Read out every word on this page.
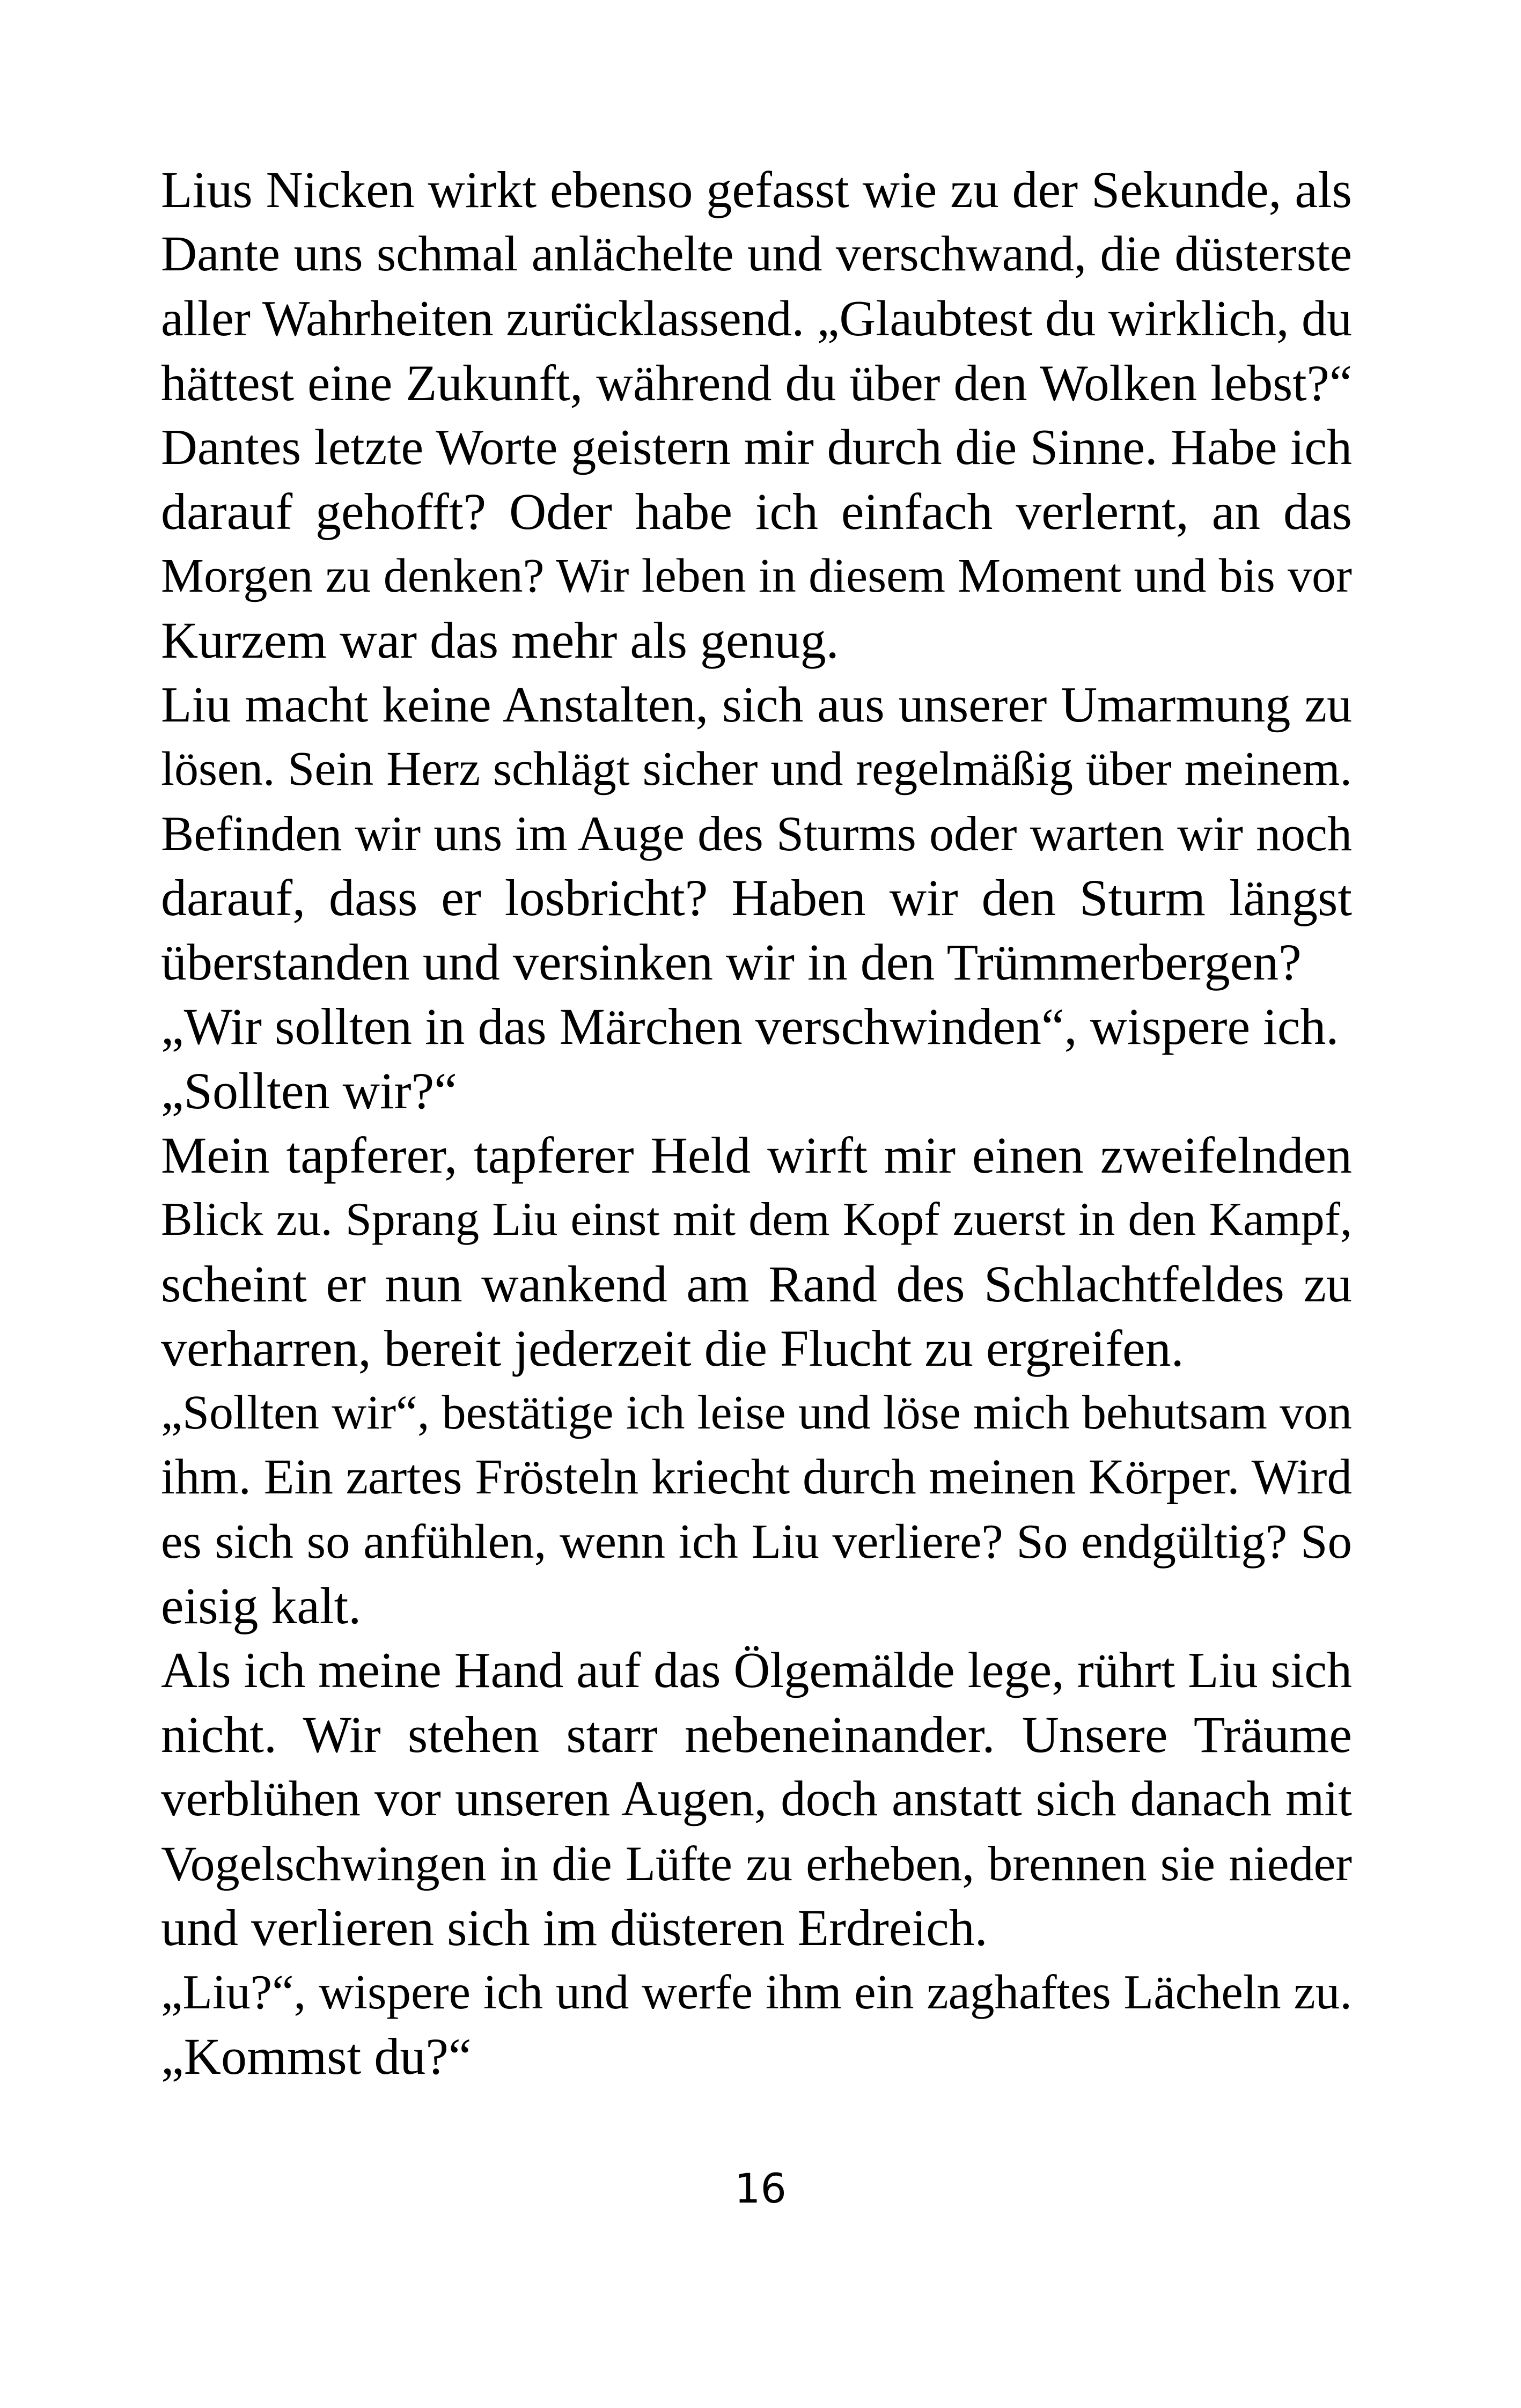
Lius Nicken wirkt ebenso gefasst wie zu der Sekunde, als
Dante uns schmal anlächelte und verschwand, die düsterste
aller Wahrheiten zurücklassend. „Glaubtest du wirklich, du
hättest eine Zukunft, während du über den Wolken lebst?“
Dantes letzte Worte geistern mir durch die Sinne. Habe ich
darauf gehofft? Oder habe ich einfach verlernt, an das
Morgen zu denken? Wir leben in diesem Moment und bis vor
Kurzem war das mehr als genug.
Liu macht keine Anstalten, sich aus unserer Umarmung zu
lösen. Sein Herz schlägt sicher und regelmäßig über meinem.
Befinden wir uns im Auge des Sturms oder warten wir noch
darauf, dass er losbricht? Haben wir den Sturm längst
überstanden und versinken wir in den Trümmerbergen?
„Wir sollten in das Märchen verschwinden“, wispere ich.
„Sollten wir?“
Mein tapferer, tapferer Held wirft mir einen zweifelnden
Blick zu. Sprang Liu einst mit dem Kopf zuerst in den Kampf,
scheint er nun wankend am Rand des Schlachtfeldes zu
verharren, bereit jederzeit die Flucht zu ergreifen.
„Sollten wir“, bestätige ich leise und löse mich behutsam von
ihm. Ein zartes Frösteln kriecht durch meinen Körper. Wird
es sich so anfühlen, wenn ich Liu verliere? So endgültig? So
eisig kalt.
Als ich meine Hand auf das Ölgemälde lege, rührt Liu sich
nicht. Wir stehen starr nebeneinander. Unsere Träume
verblühen vor unseren Augen, doch anstatt sich danach mit
Vogelschwingen in die Lüfte zu erheben, brennen sie nieder
und verlieren sich im düsteren Erdreich.
„Liu?“, wispere ich und werfe ihm ein zaghaftes Lächeln zu.
„Kommst du?“
16
